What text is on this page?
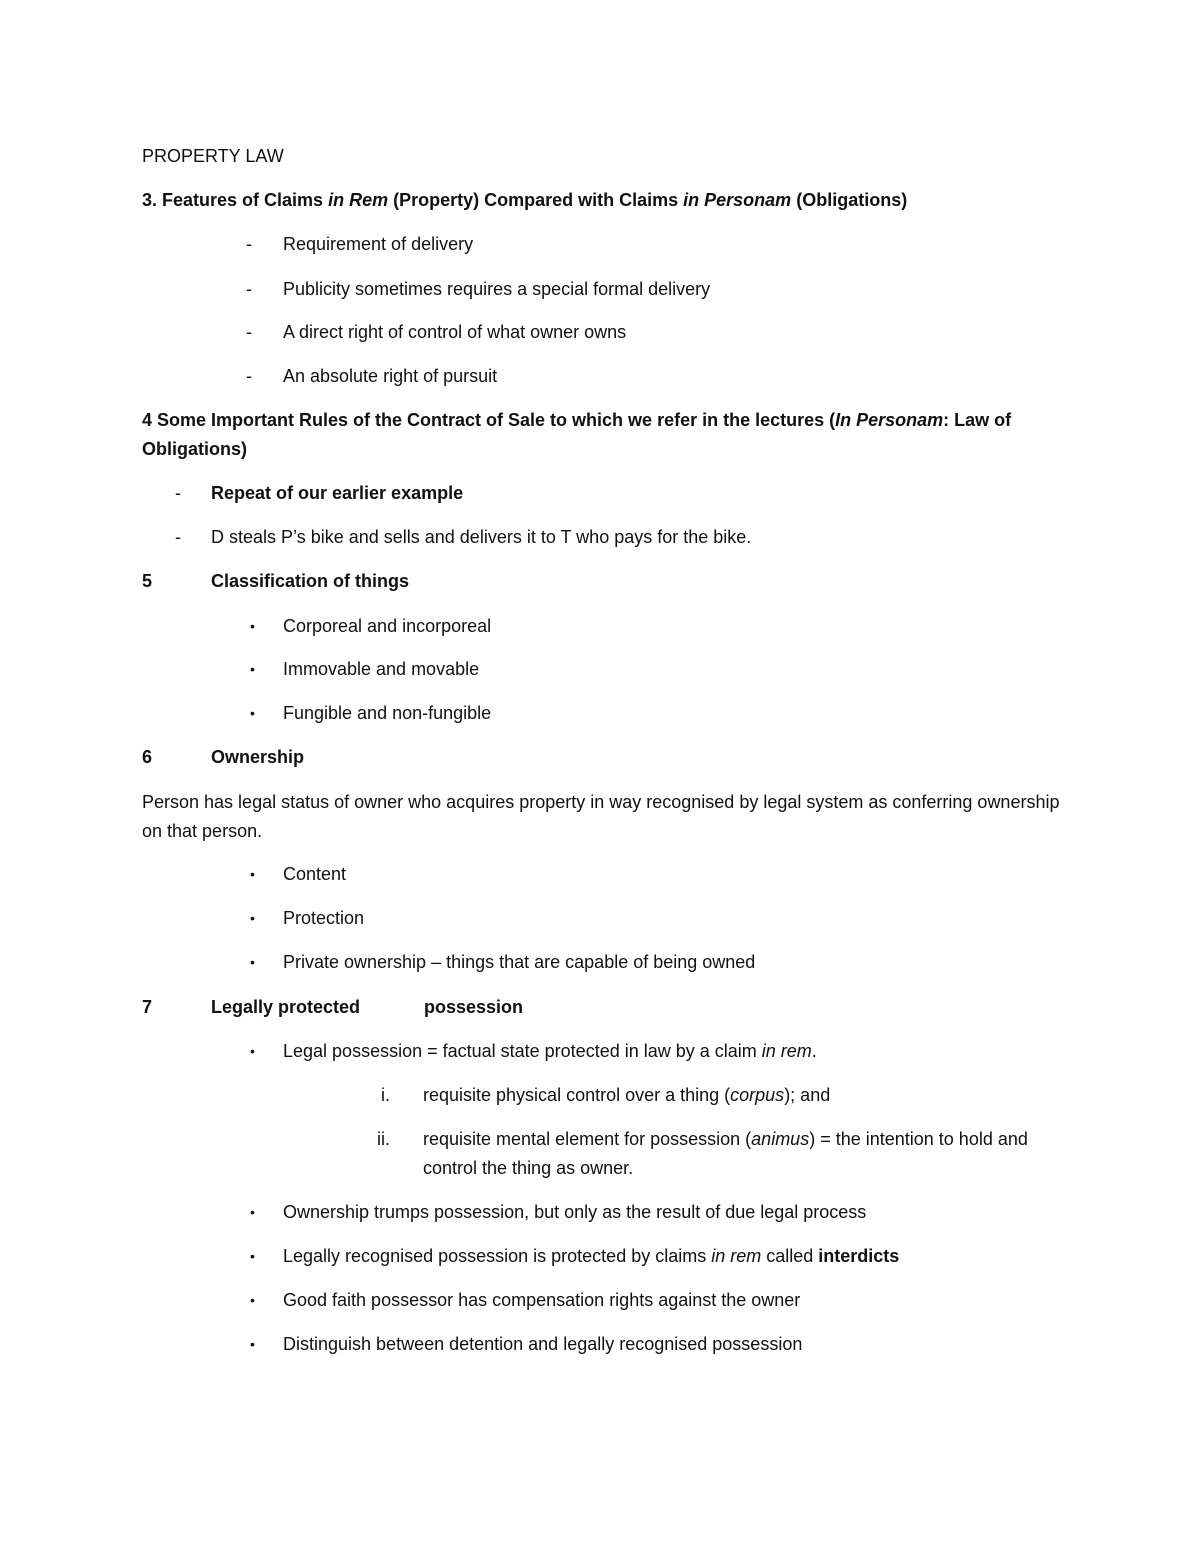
PROPERTY LAW
3. Features of Claims in Rem (Property) Compared with Claims in Personam (Obligations)
-	Requirement of delivery
-	Publicity sometimes requires a special formal delivery
-	A direct right of control of what owner owns
-	An absolute right of pursuit
4 Some Important Rules of the Contract of Sale to which we refer in the lectures (In Personam: Law of Obligations)
-	Repeat of our earlier example
-	D steals P’s bike and sells and delivers it to T who pays for the bike.
5	Classification of things
•	Corporeal and incorporeal
•	Immovable and movable
•	Fungible and non-fungible
6	Ownership
Person has legal status of owner who acquires property in way recognised by legal system as conferring ownership on that person.
•	Content
•	Protection
•	Private ownership – things that are capable of being owned
7	Legally protected	possession
•	Legal possession = factual state protected in law by a claim in rem.
i. requisite physical control over a thing (corpus); and
ii. requisite mental element for possession (animus) = the intention to hold and control the thing as owner.
•	Ownership trumps possession, but only as the result of due legal process
•	Legally recognised possession is protected by claims in rem called interdicts
•	Good faith possessor has compensation rights against the owner
•	Distinguish between detention and legally recognised possession
